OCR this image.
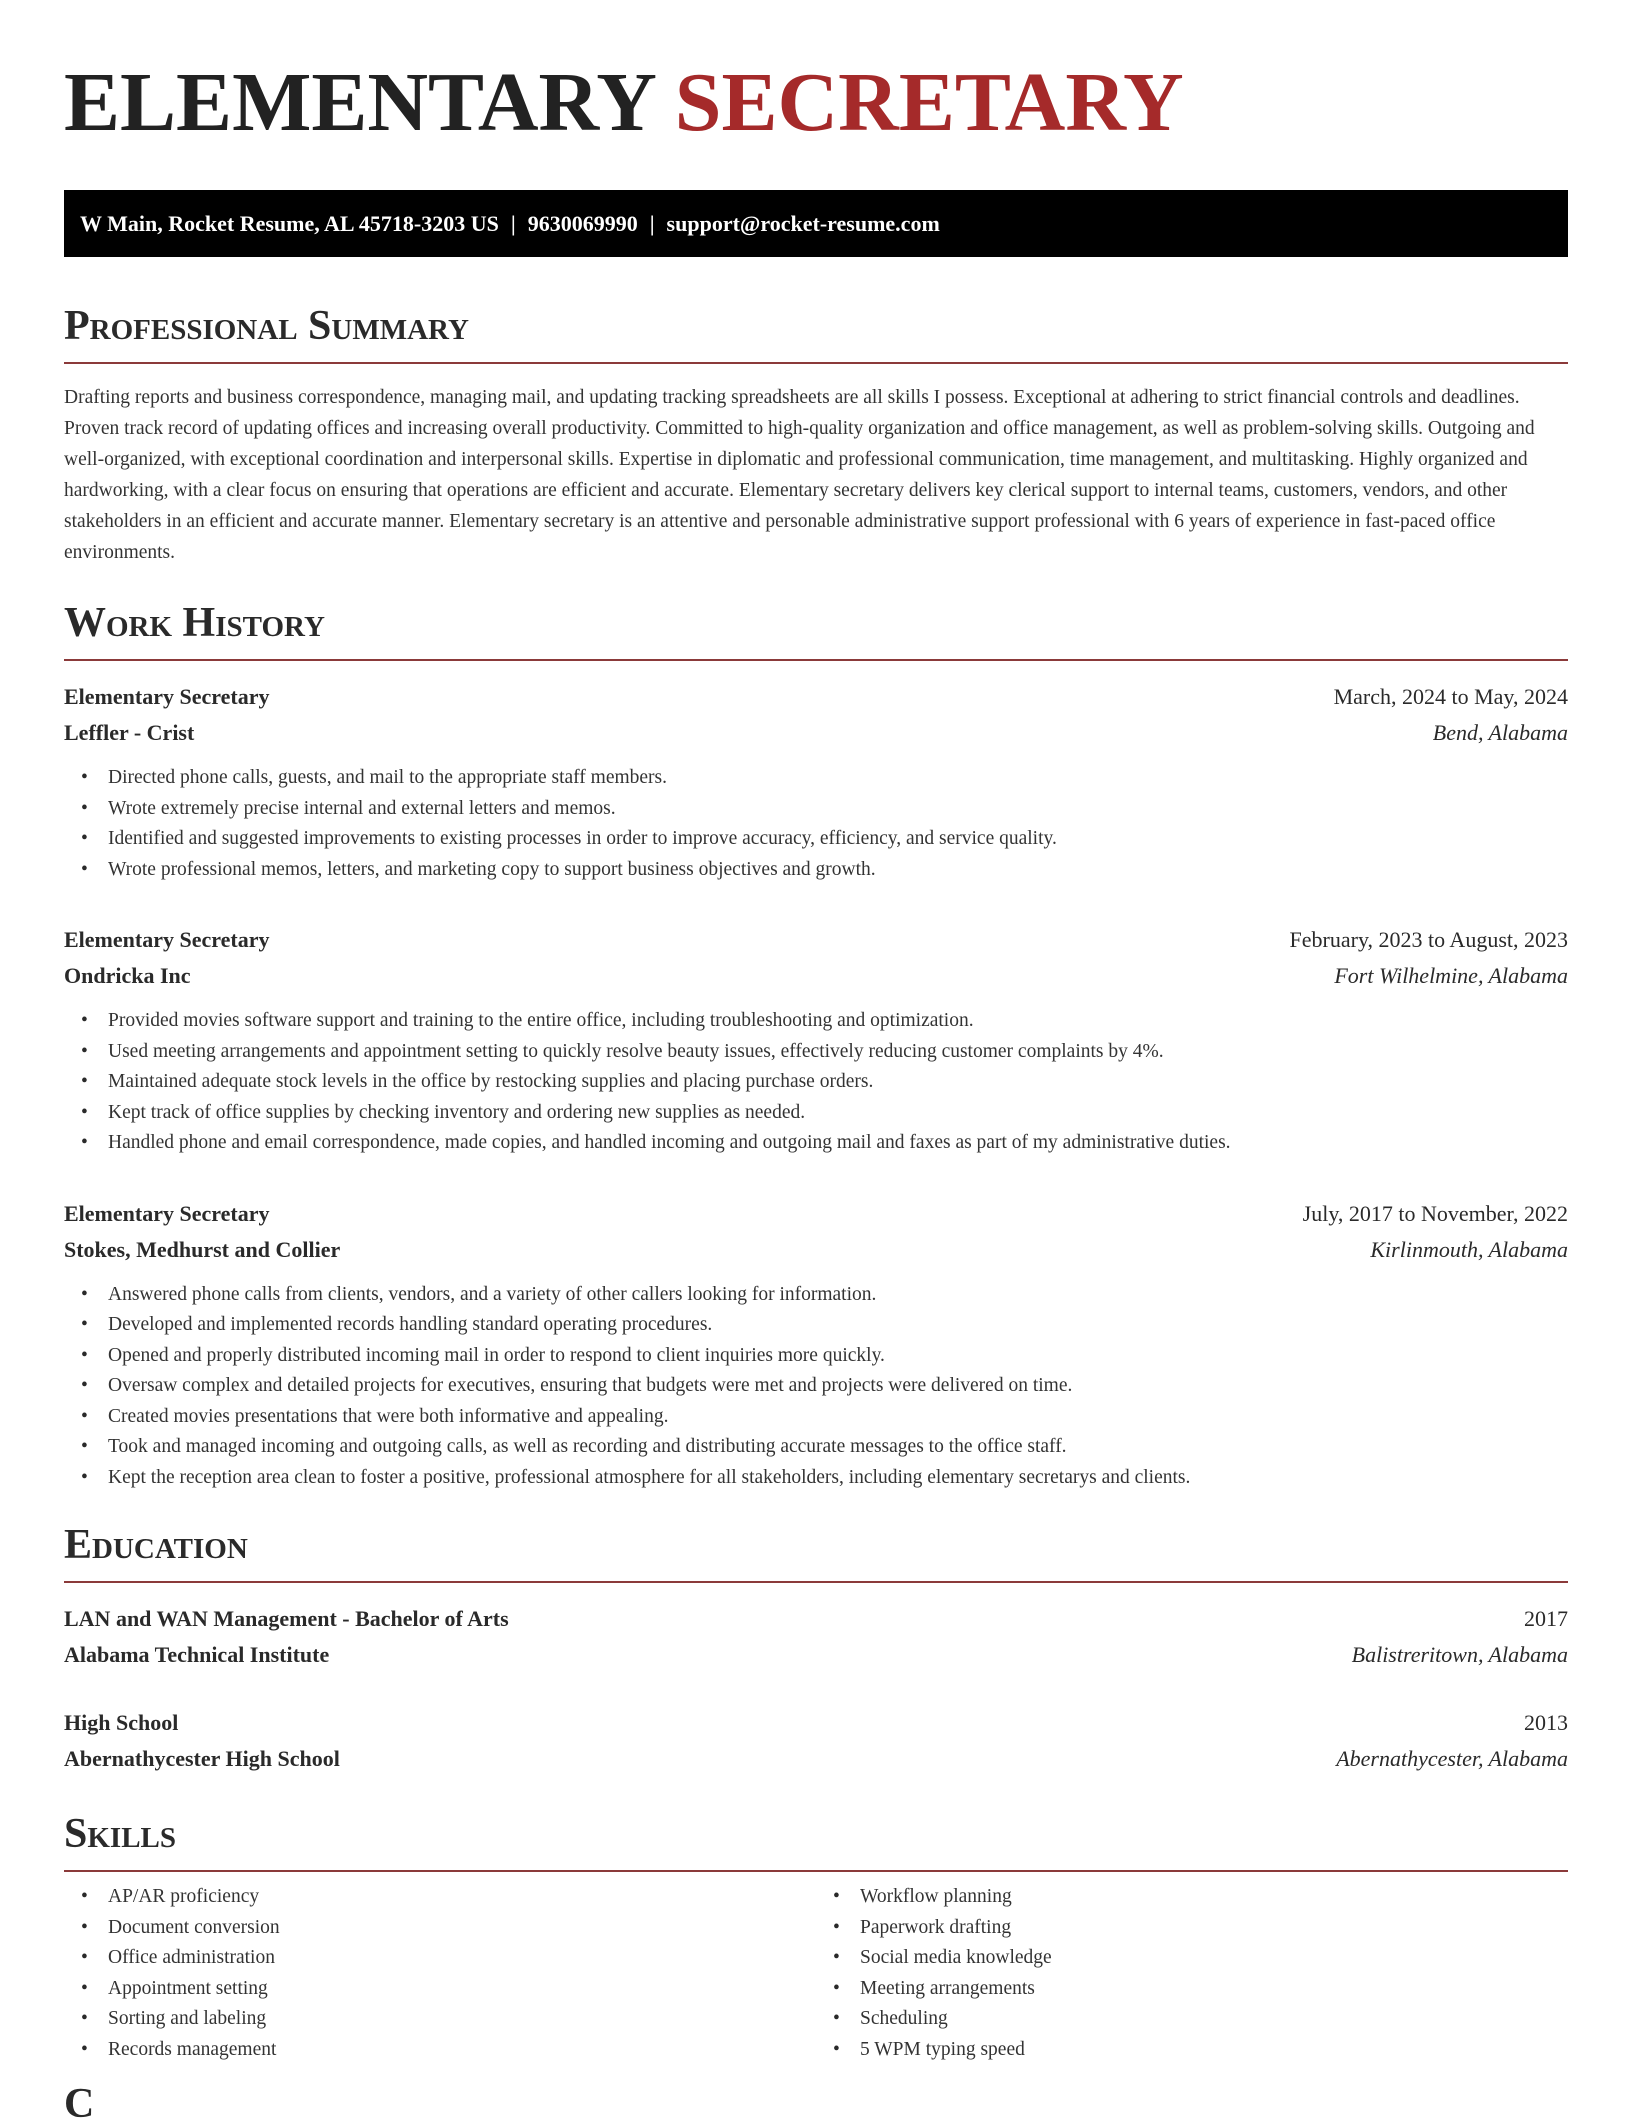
ELEMENTARY SECRETARY
W Main, Rocket Resume, AL 45718-3203 US | 9630069990 | support@rocket-resume.com
Professional Summary

Drafting reports and business correspondence, managing mail, and updating tracking spreadsheets are all skills I possess. Exceptional at adhering to strict financial controls and deadlines. Proven track record of updating offices and increasing overall productivity. Committed to high-quality organization and office management, as well as problem-solving skills. Outgoing and well-organized, with exceptional coordination and interpersonal skills. Expertise in diplomatic and professional communication, time management, and multitasking. Highly organized and hardworking, with a clear focus on ensuring that operations are efficient and accurate. Elementary secretary delivers key clerical support to internal teams, customers, vendors, and other stakeholders in an efficient and accurate manner. Elementary secretary is an attentive and personable administrative support professional with 6 years of experience in fast-paced office environments.

Work History
Elementary Secretary	March, 2024 to May, 2024
Leffler - Crist	Bend, Alabama
• Directed phone calls, guests, and mail to the appropriate staff members.
• Wrote extremely precise internal and external letters and memos.
• Identified and suggested improvements to existing processes in order to improve accuracy, efficiency, and service quality.
• Wrote professional memos, letters, and marketing copy to support business objectives and growth.
Elementary Secretary	February, 2023 to August, 2023
Ondricka Inc	Fort Wilhelmine, Alabama
• Provided movies software support and training to the entire office, including troubleshooting and optimization.
• Used meeting arrangements and appointment setting to quickly resolve beauty issues, effectively reducing customer complaints by 4%.
• Maintained adequate stock levels in the office by restocking supplies and placing purchase orders.
• Kept track of office supplies by checking inventory and ordering new supplies as needed.
• Handled phone and email correspondence, made copies, and handled incoming and outgoing mail and faxes as part of my administrative duties.
Elementary Secretary	July, 2017 to November, 2022
Stokes, Medhurst and Collier	Kirlinmouth, Alabama
• Answered phone calls from clients, vendors, and a variety of other callers looking for information.
• Developed and implemented records handling standard operating procedures.
• Opened and properly distributed incoming mail in order to respond to client inquiries more quickly.
• Oversaw complex and detailed projects for executives, ensuring that budgets were met and projects were delivered on time.
• Created movies presentations that were both informative and appealing.
• Took and managed incoming and outgoing calls, as well as recording and distributing accurate messages to the office staff.
• Kept the reception area clean to foster a positive, professional atmosphere for all stakeholders, including elementary secretarys and clients.
Education
LAN and WAN Management - Bachelor of Arts	2017
Alabama Technical Institute	Balistreritown, Alabama
High School	2013
Abernathycester High School	Abernathycester, Alabama
Skills
• AP/AR proficiency
• Document conversion
• Office administration
• Appointment setting
• Sorting and labeling
• Records management
• Workflow planning
• Paperwork drafting
• Social media knowledge
• Meeting arrangements
• Scheduling
• 5 WPM typing speed
C
